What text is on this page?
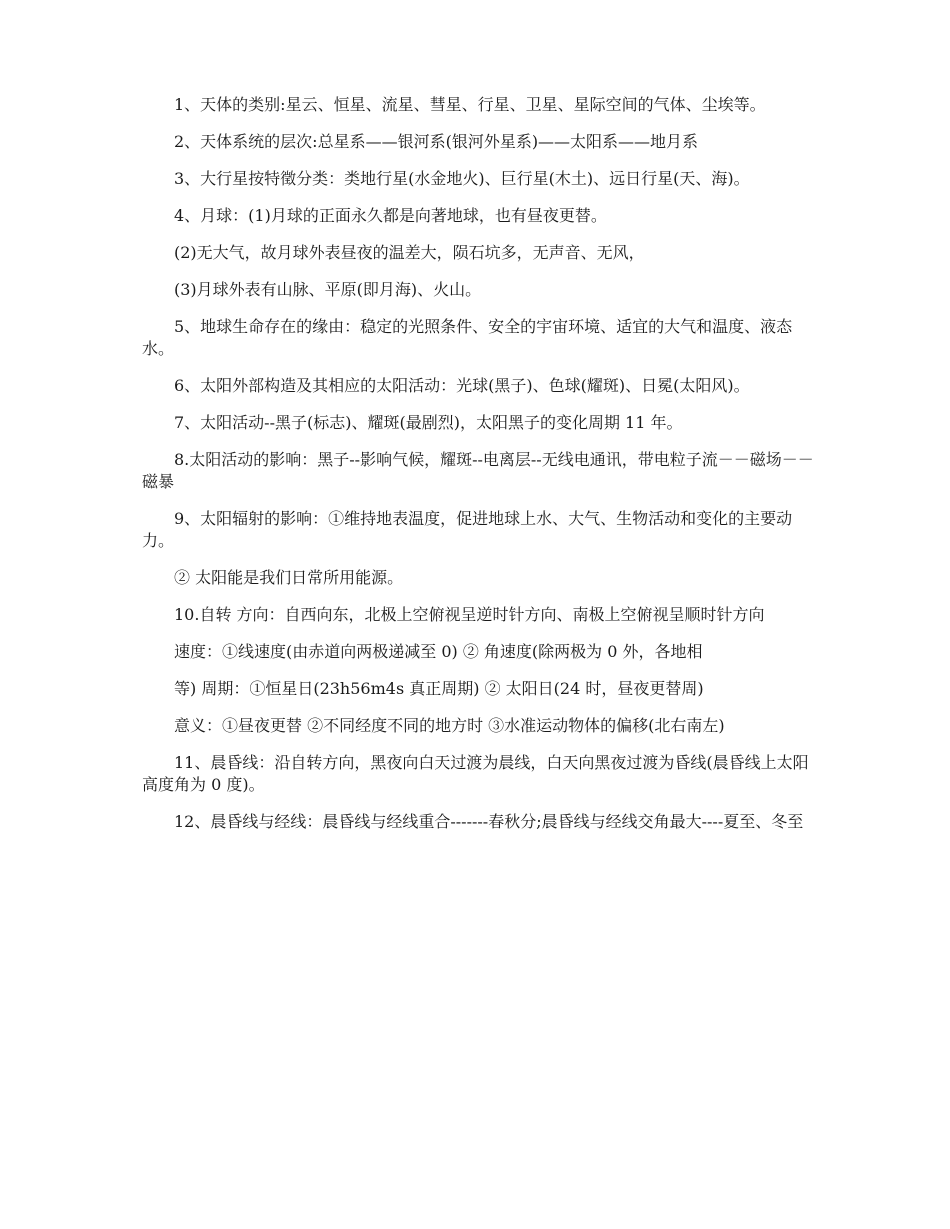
1、天体的类别:星云、恒星、流星、彗星、行星、卫星、星际空间的气体、尘埃等。

2、天体系统的层次:总星系——银河系(银河外星系)——太阳系——地月系

3、大行星按特徵分类：类地行星(水金地火)、巨行星(木土)、远日行星(天、海)。

4、月球：(1)月球的正面永久都是向著地球，也有昼夜更替。

(2)无大气，故月球外表昼夜的温差大，陨石坑多，无声音、无风，

(3)月球外表有山脉、平原(即月海)、火山。

5、地球生命存在的缘由：稳定的光照条件、安全的宇宙环境、适宜的大气和温度、液态水。

6、太阳外部构造及其相应的太阳活动：光球(黑子)、色球(耀斑)、日冕(太阳风)。

7、太阳活动--黑子(标志)、耀斑(最剧烈)，太阳黑子的变化周期 11 年。

8.太阳活动的影响：黑子--影响气候，耀斑--电离层--无线电通讯，带电粒子流－－磁场－－磁暴

9、太阳辐射的影响：①维持地表温度，促进地球上水、大气、生物活动和变化的主要动力。

② 太阳能是我们日常所用能源。

10.自转 方向：自西向东，北极上空俯视呈逆时针方向、南极上空俯视呈顺时针方向

速度：①线速度(由赤道向两极递减至 0) ② 角速度(除两极为 0 外，各地相

等) 周期：①恒星日(23h56m4s 真正周期) ② 太阳日(24 时，昼夜更替周)

意义：①昼夜更替 ②不同经度不同的地方时 ③水准运动物体的偏移(北右南左)

11、晨昏线：沿自转方向，黑夜向白天过渡为晨线，白天向黑夜过渡为昏线(晨昏线上太阳高度角为 0 度)。

12、晨昏线与经线：晨昏线与经线重合-------春秋分;晨昏线与经线交角最大----夏至、冬至
